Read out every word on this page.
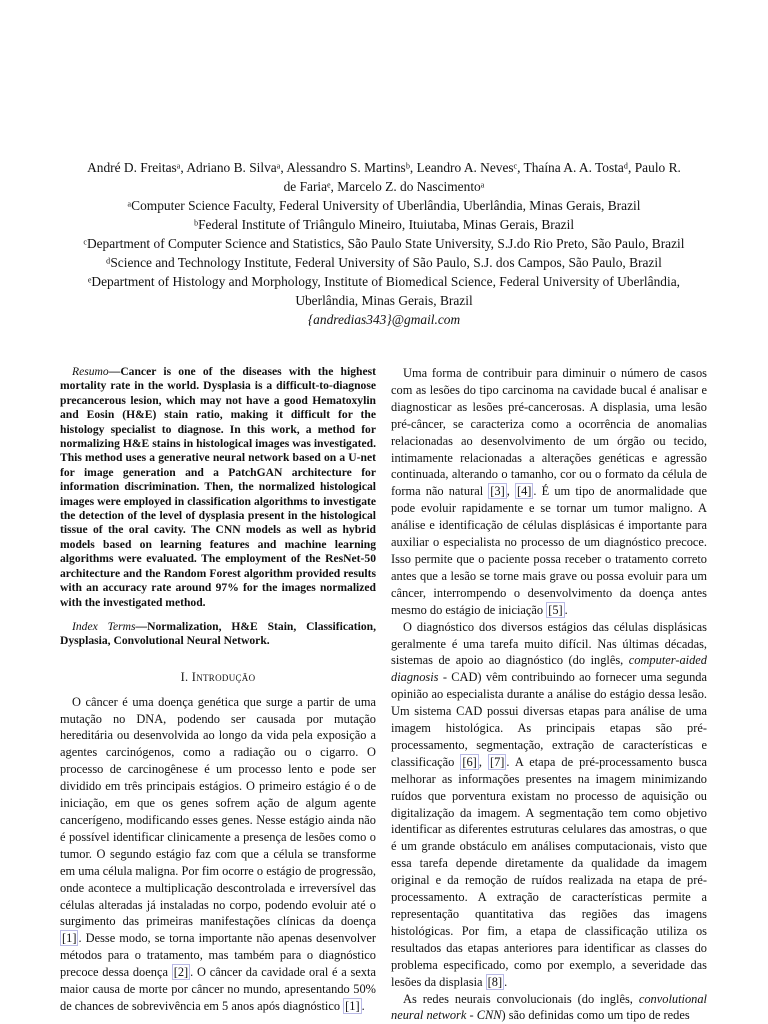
André D. Freitasᵃ, Adriano B. Silvaᵃ, Alessandro S. Martinsᵇ, Leandro A. Nevesᶜ, Thaína A. A. Tostaᵈ, Paulo R.

de Fariaᵉ, Marcelo Z. do Nascimentoᵃ

ᵃComputer Science Faculty, Federal University of Uberlândia, Uberlândia, Minas Gerais, Brazil

ᵇFederal Institute of Triângulo Mineiro, Ituiutaba, Minas Gerais, Brazil

ᶜDepartment of Computer Science and Statistics, São Paulo State University, S.J.do Rio Preto, São Paulo, Brazil

ᵈScience and Technology Institute, Federal University of São Paulo, S.J. dos Campos, São Paulo, Brazil

ᵉDepartment of Histology and Morphology, Institute of Biomedical Science, Federal University of Uberlândia,

Uberlândia, Minas Gerais, Brazil

{andredias343}@gmail.com

Resumo—Cancer is one of the diseases with the highest mortality rate in the world. Dysplasia is a difficult-to-diagnose precancerous lesion, which may not have a good Hematoxylin and Eosin (H&E) stain ratio, making it difficult for the histology specialist to diagnose. In this work, a method for normalizing H&E stains in histological images was investigated. This method uses a generative neural network based on a U-net for image generation and a PatchGAN architecture for information discrimination. Then, the normalized histological images were employed in classification algorithms to investigate the detection of the level of dysplasia present in the histological tissue of the oral cavity. The CNN models as well as hybrid models based on learning features and machine learning algorithms were evaluated. The employment of the ResNet-50 architecture and the Random Forest algorithm provided results with an accuracy rate around 97% for the images normalized with the investigated method.

Index Terms—Normalization, H&E Stain, Classification, Dysplasia, Convolutional Neural Network.

I. Introdução

O câncer é uma doença genética que surge a partir de uma mutação no DNA, podendo ser causada por mutação hereditária ou desenvolvida ao longo da vida pela exposição a agentes carcinógenos, como a radiação ou o cigarro. O processo de carcinogênese é um processo lento e pode ser dividido em três principais estágios. O primeiro estágio é o de iniciação, em que os genes sofrem ação de algum agente cancerígeno, modificando esses genes. Nesse estágio ainda não é possível identificar clinicamente a presença de lesões como o tumor. O segundo estágio faz com que a célula se transforme em uma célula maligna. Por fim ocorre o estágio de progressão, onde acontece a multiplicação descontrolada e irreversível das células alteradas já instaladas no corpo, podendo evoluir até o surgimento das primeiras manifestações clínicas da doença [1] . Desse modo, se torna importante não apenas desenvolver métodos para o tratamento, mas também para o diagnóstico precoce dessa doença [2] . O câncer da cavidade oral é a sexta maior causa de morte por câncer no mundo, apresentando 50% de chances de sobrevivência em 5 anos após diagnóstico [1] .

Uma forma de contribuir para diminuir o número de casos com as lesões do tipo carcinoma na cavidade bucal é analisar e diagnosticar as lesões pré-cancerosas. A displasia, uma lesão pré-câncer, se caracteriza como a ocorrência de anomalias relacionadas ao desenvolvimento de um órgão ou tecido, intimamente relacionadas a alterações genéticas e agressão continuada, alterando o tamanho, cor ou o formato da célula de forma não natural [3] , [4] . É um tipo de anormalidade que pode evoluir rapidamente e se tornar um tumor maligno. A análise e identificação de células displásicas é importante para auxiliar o especialista no processo de um diagnóstico precoce. Isso permite que o paciente possa receber o tratamento correto antes que a lesão se torne mais grave ou possa evoluir para um câncer, interrompendo o desenvolvimento da doença antes mesmo do estágio de iniciação [5] .

O diagnóstico dos diversos estágios das células displásicas geralmente é uma tarefa muito difícil. Nas últimas décadas, sistemas de apoio ao diagnóstico (do inglês, computer-aided diagnosis - CAD) vêm contribuindo ao fornecer uma segunda opinião ao especialista durante a análise do estágio dessa lesão. Um sistema CAD possui diversas etapas para análise de uma imagem histológica. As principais etapas são pré-processamento, segmentação, extração de características e classificação [6] , [7] . A etapa de pré-processamento busca melhorar as informações presentes na imagem minimizando ruídos que porventura existam no processo de aquisição ou digitalização da imagem. A segmentação tem como objetivo identificar as diferentes estruturas celulares das amostras, o que é um grande obstáculo em análises computacionais, visto que essa tarefa depende diretamente da qualidade da imagem original e da remoção de ruídos realizada na etapa de pré-processamento. A extração de características permite a representação quantitativa das regiões das imagens histológicas. Por fim, a etapa de classificação utiliza os resultados das etapas anteriores para identificar as classes do problema especificado, como por exemplo, a severidade das lesões da displasia [8] .

As redes neurais convolucionais (do inglês, convolutional neural network - CNN) são definidas como um tipo de redes
